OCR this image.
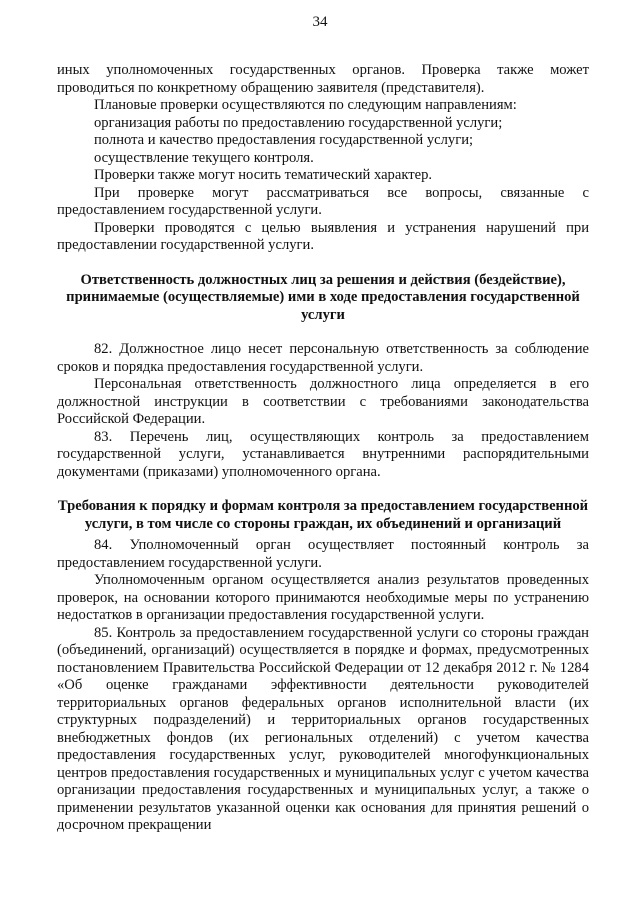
34

иных уполномоченных государственных органов. Проверка также может проводиться по конкретному обращению заявителя (представителя).

Плановые проверки осуществляются по следующим направлениям:

организация работы по предоставлению государственной услуги;

полнота и качество предоставления государственной услуги;

осуществление текущего контроля.

Проверки также могут носить тематический характер.

При проверке могут рассматриваться все вопросы, связанные с предоставлением государственной услуги.

Проверки проводятся с целью выявления и устранения нарушений при предоставлении государственной услуги.

Ответственность должностных лиц за решения и действия (бездействие), принимаемые (осуществляемые) ими в ходе предоставления государственной услуги

82. Должностное лицо несет персональную ответственность за соблюдение сроков и порядка предоставления государственной услуги.

Персональная ответственность должностного лица определяется в его должностной инструкции в соответствии с требованиями законодательства Российской Федерации.

83. Перечень лиц, осуществляющих контроль за предоставлением государственной услуги, устанавливается внутренними распорядительными документами (приказами) уполномоченного органа.

Требования к порядку и формам контроля за предоставлением государственной услуги, в том числе со стороны граждан, их объединений и организаций

84. Уполномоченный орган осуществляет постоянный контроль за предоставлением государственной услуги.

Уполномоченным органом осуществляется анализ результатов проведенных проверок, на основании которого принимаются необходимые меры по устранению недостатков в организации предоставления государственной услуги.

85. Контроль за предоставлением государственной услуги со стороны граждан (объединений, организаций) осуществляется в порядке и формах, предусмотренных постановлением Правительства Российской Федерации от 12 декабря 2012 г. № 1284 «Об оценке гражданами эффективности деятельности руководителей территориальных органов федеральных органов исполнительной власти (их структурных подразделений) и территориальных органов государственных внебюджетных фондов (их региональных отделений) с учетом качества предоставления государственных услуг, руководителей многофункциональных центров предоставления государственных и муниципальных услуг с учетом качества организации предоставления государственных и муниципальных услуг, а также о применении результатов указанной оценки как основания для принятия решений о досрочном прекращении
